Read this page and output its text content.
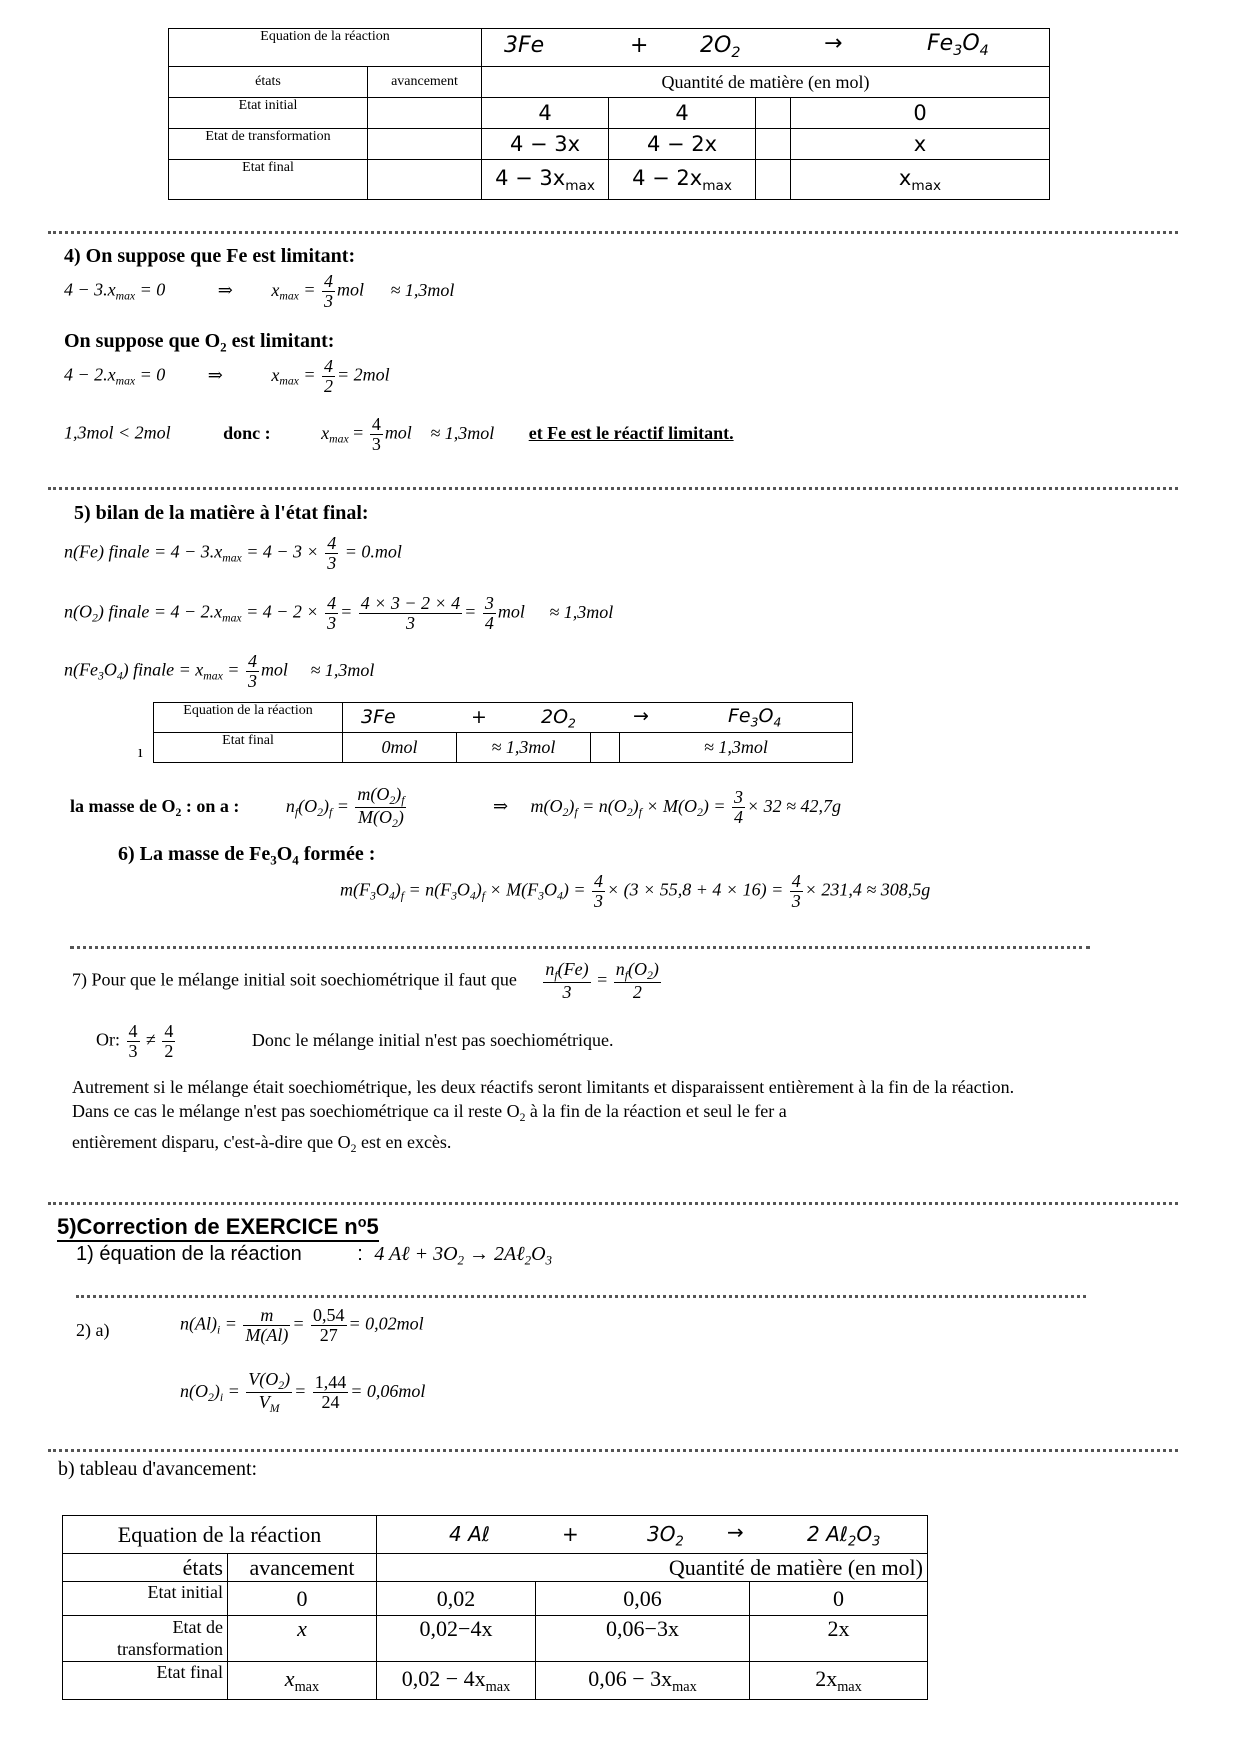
Equation de la réaction		$3Fe + 2O_2 \to Fe_3O_4$

états	avancement	Quantité de matière (en mol)			
Etat initial		4	4		0
Etat de transformation		4 − 3x	4 − 2x		x
Etat final		$4 - 3x_{max}$	$4 - 2x_{max}$		$x_{max}$
4) On suppose que Fe est limitant:
$4 - 3.x_{max} = 0$	⇒ $x_{max} = \frac{4}{3}$ mol ≈ 1,3mol
On suppose que $O_2$ est limitant:
$4 - 2.x_{max} = 0$ ⇒	$x_{max} = \frac{4}{2} = 2mol$
1,3mol < 2mol	donc :	$x_{max} = \frac{4}{3}$ mol ≈ 1,3mol et Fe est le réactif limitant.
5) bilan de la matière à l'état final:
n(Fe) finale = $4 - 3.x_{max} = 4 - 3 \times \frac{4}{3} = 0.mol$
$n(O_2)$ finale = $4 - 2.x_{max} = 4 - 2 \times \frac{4}{3} = \frac{4 \times 3 - 2 \times 4}{3} = \frac{3}{4}$ mol ≈ 1,3mol
$n(Fe_3O_4)$ finale = $x_{max} = \frac{4}{3}$ mol ≈ 1,3mol
ı
Equation de la réaction	$3Fe + 2O_2 \to Fe_3O_4$

Etat final	0mol	≈ 1,3mol		≈ 1,3mol
la masse de $O_2$ : on a :	$n_f(O_2)_f = \frac{m(O_2)_f}{M(O_2)}$	⇒ $m(O_2)_f = n(O_2)_f \times M(O_2) = \frac{3}{4} \times 32 \approx 42,7g$
6) La masse de $Fe_3O_4$ formée :
$m(F_3O_4)_f = n(F_3O_4)_f \times M(F_3O_4) = \frac{4}{3} \times (3 \times 55,8 + 4 \times 16) = \frac{4}{3} \times 231,4 \approx 308,5g$
7) Pour que le mélange initial soit soechiométrique il faut que $\frac{n_f(Fe)}{3} = \frac{n_f(O_2)}{2}$
Or: $\frac{4}{3} \ne \frac{4}{2}$	Donc le mélange initial n'est pas soechiométrique.
Autrement si le mélange était soechiométrique, les deux réactifs seront limitants et disparaissent entièrement à la fin de la réaction.
Dans ce cas le mélange n'est pas soechiométrique ca il reste $O_2$ à la fin de la réaction et seul le fer a
entièrement disparu, c'est-à-dire que $O_2$ est en excès.
5)Correction de EXERCICE $n^o5$
1) équation de la réaction	: 4 Aℓ + $3O_2$ → $2A\ell_2O_3$
2) a)	$n(Al)_i = \frac{m}{M(Al)} = \frac{0,54}{27} = 0,02mol$
$n(O_2)_i = \frac{V(O_2)}{V_M} = \frac{1,44}{24} = 0,06mol$
b) tableau d'avancement:
Equation de la réaction		4 Aℓ + $3O_2 \to 2$ $A\ell_2O_3$

états	avancement	Quantité de matière (en mol)		
Etat initial	0	0,02	0,06	0
Etat de
transformation	x	0,02−4x	0,06−3x	2x
Etat final	$x_{max}$	$0,02 - 4x_{max}$	$0,06 - 3x_{max}$	$2x_{max}$
